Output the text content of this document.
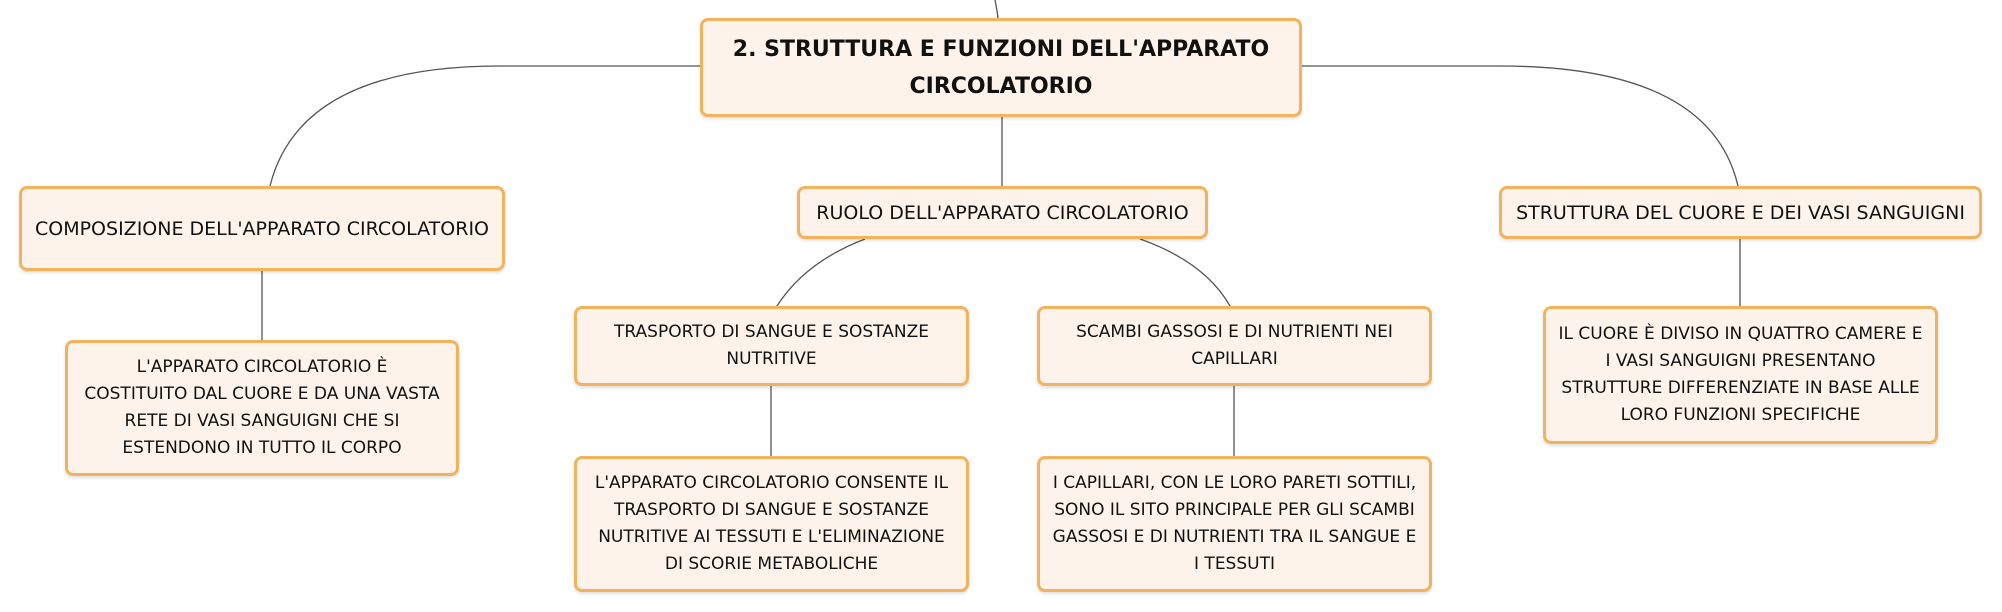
2. STRUTTURA E FUNZIONI DELL'APPARATO CIRCOLATORIO
COMPOSIZIONE DELL'APPARATO CIRCOLATORIO
RUOLO DELL'APPARATO CIRCOLATORIO	STRUTTURA DEL CUORE E DEI VASI SANGUIGNI
L'APPARATO CIRCOLATORIO È COSTITUITO DAL CUORE E DA UNA VASTA RETE DI VASI SANGUIGNI CHE SI ESTENDONO IN TUTTO IL CORPO
TRASPORTO DI SANGUE E SOSTANZE NUTRITIVE
SCAMBI GASSOSI E DI NUTRIENTI NEI CAPILLARI
IL CUORE È DIVISO IN QUATTRO CAMERE E I VASI SANGUIGNI PRESENTANO STRUTTURE DIFFERENZIATE IN BASE ALLE LORO FUNZIONI SPECIFICHE
L'APPARATO CIRCOLATORIO CONSENTE IL TRASPORTO DI SANGUE E SOSTANZE NUTRITIVE AI TESSUTI E L'ELIMINAZIONE DI SCORIE METABOLICHE
I CAPILLARI, CON LE LORO PARETI SOTTILI, SONO IL SITO PRINCIPALE PER GLI SCAMBI GASSOSI E DI NUTRIENTI TRA IL SANGUE E I TESSUTI
